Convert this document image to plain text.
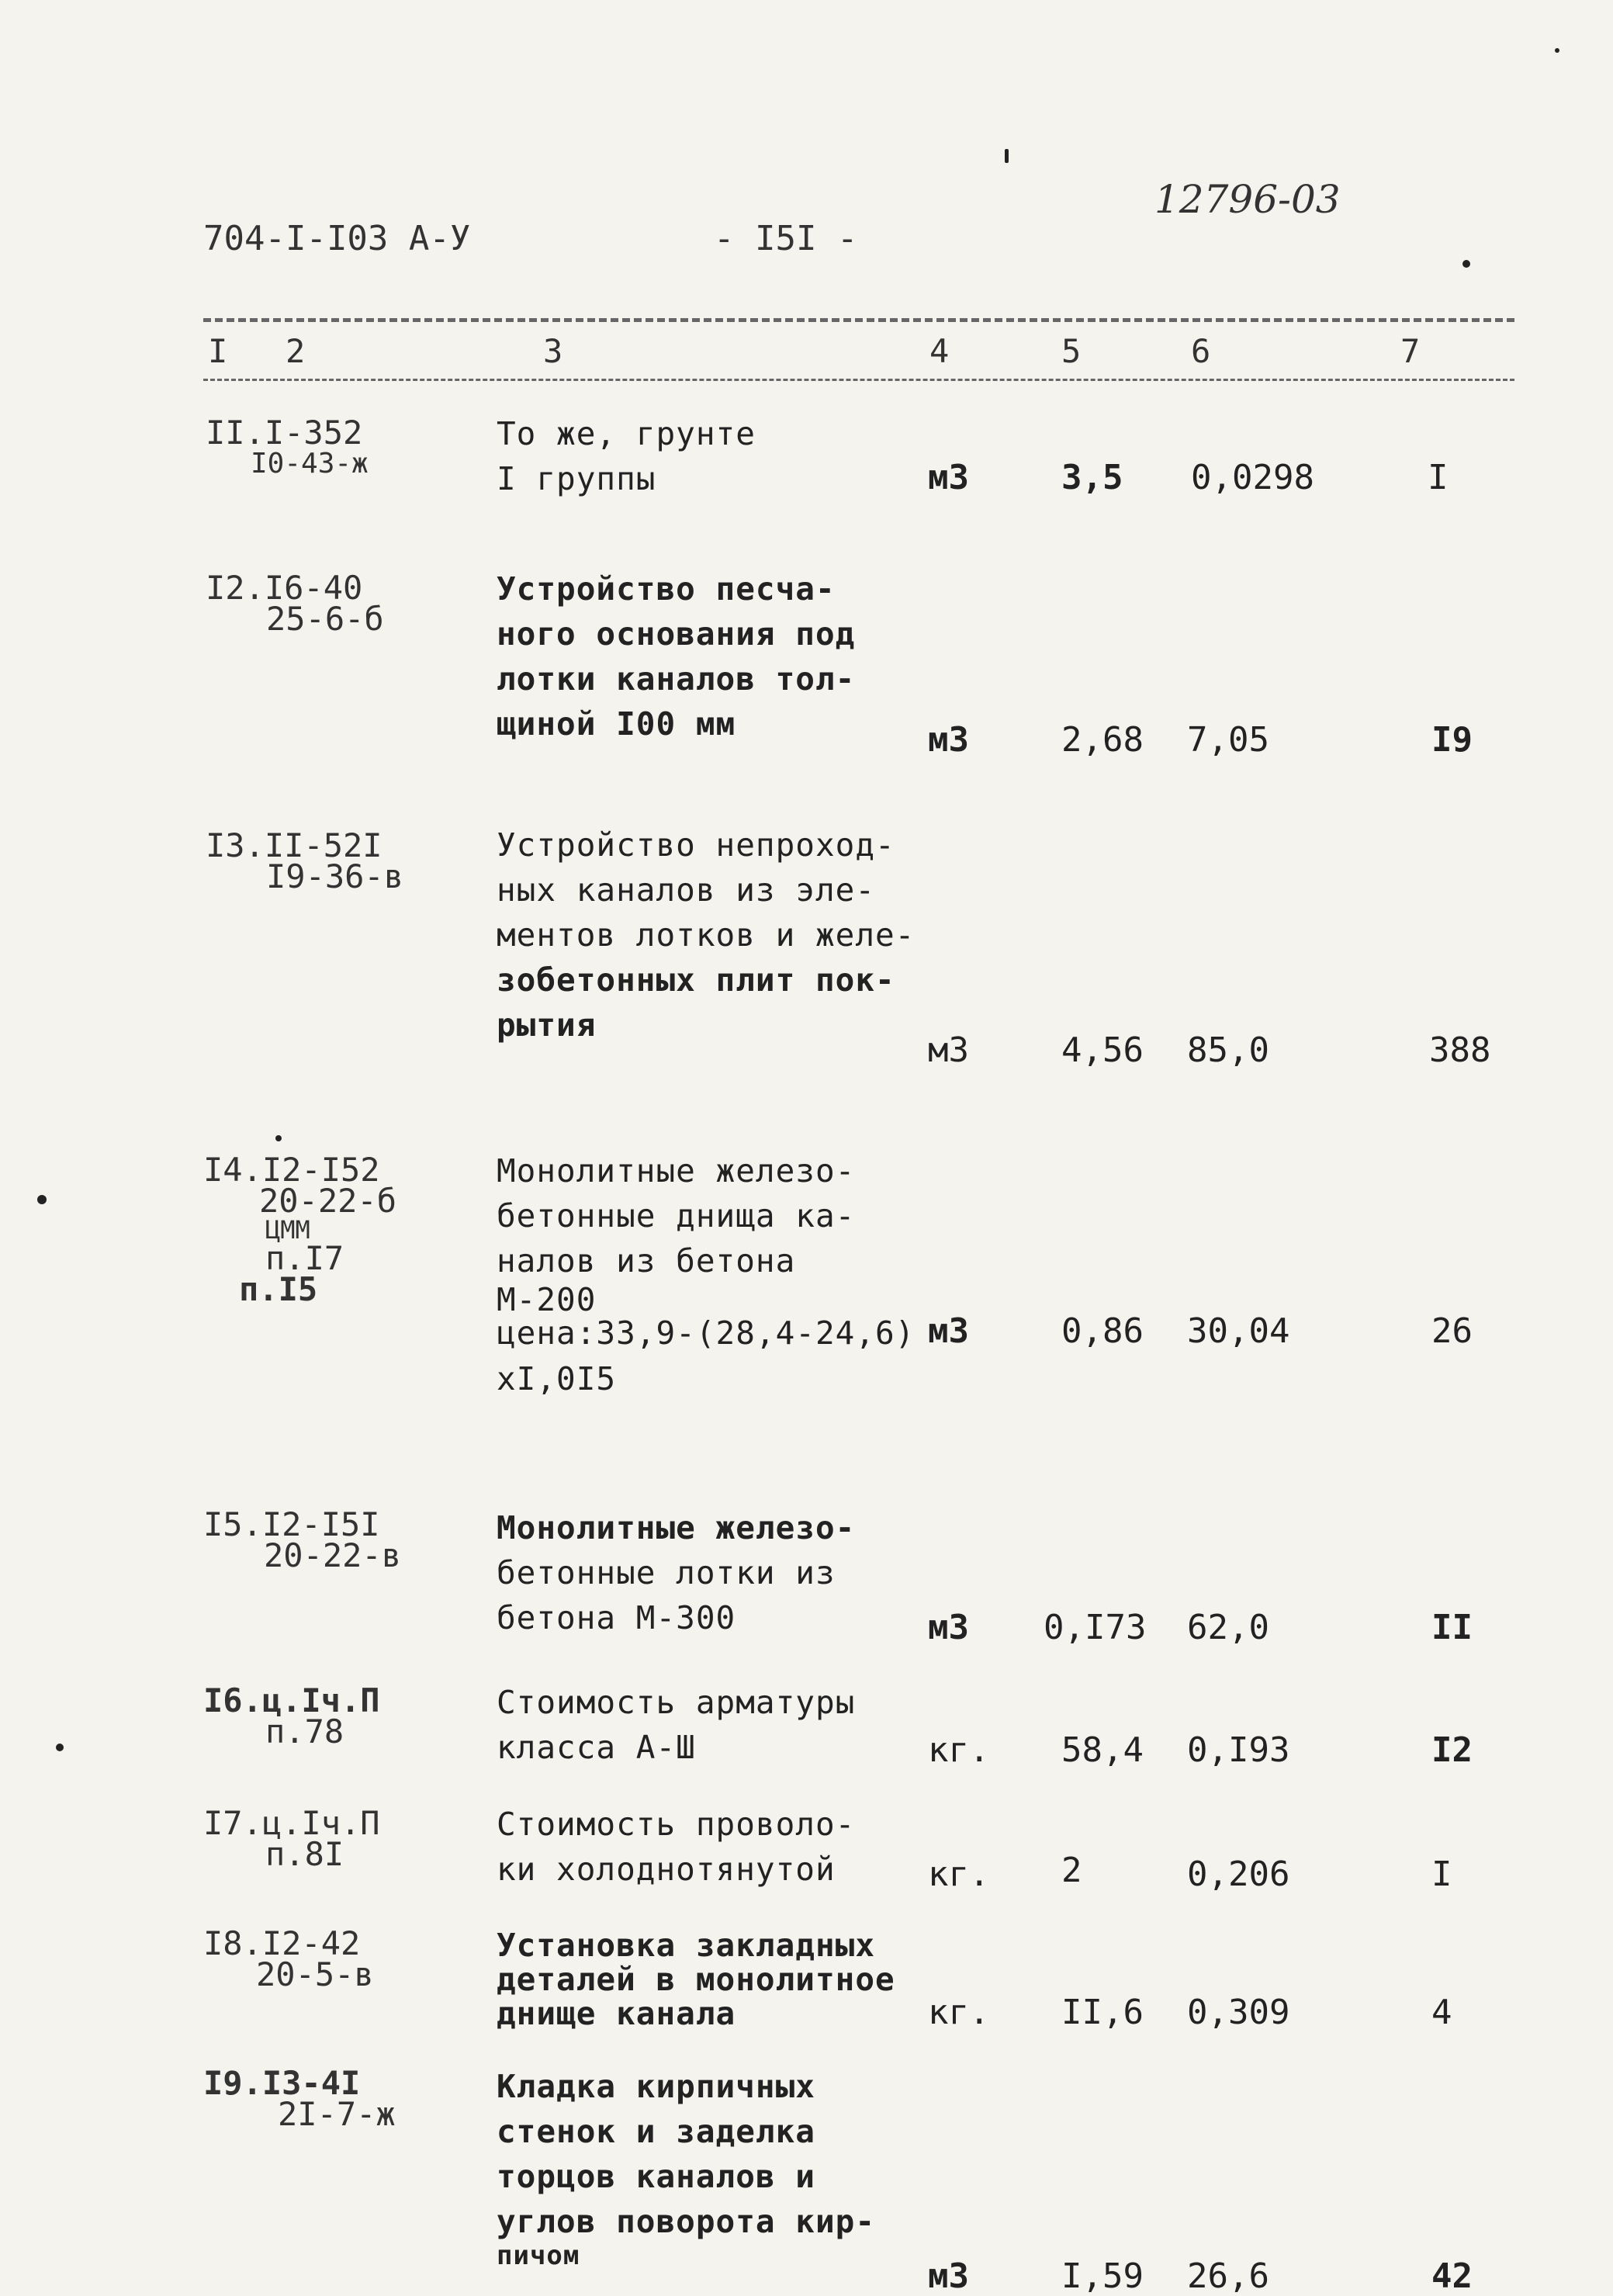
704-I-I03 А-У	- I5I -
12796-03
I 2	3	4	5	6	7
II.I-352
I0-43-ж
То же, грунте
I группы	м3	3,5 0,0298	I
I2.I6-40
25-6-б
Устройство песча-
ного основания под
лотки каналов тол-
щиной I00 мм	м3	2,68 7,05	I9
I3.II-52I
I9-36-в
Устройство непроход-
ных каналов из эле-
ментов лотков и желе-
зобетонных плит пок-
рытия
м3	4,56 85,0	388
I4.I2-I52
20-22-б
ЦММ
п.I7
п.I5
Монолитные железо-
бетонные днища ка-
налов из бетона
М-200
цена:33,9-(28,4-24,6)
xI,0I5
м3	0,86 30,04	26
I5.I2-I5I
20-22-в
Монолитные железо-
бетонные лотки из
бетона М-300	м3 0,I73 62,0	II
I6.ц.Iч.П
п.78
Стоимость арматуры
класса А-Ш	кг. 58,4 0,I93	I2
I7.ц.Iч.П
п.8I
Стоимость проволо-
ки холоднотянутой	кг. 2	0,206	I
I8.I2-42
20-5-в
Установка закладных
деталей в монолитное
днище канала	кг. II,6 0,309	4
I9.I3-4I
2I-7-ж
Кладка кирпичных
стенок и заделка
торцов каналов и
углов поворота кир-
пичом
м3	I,59 26,6	42
